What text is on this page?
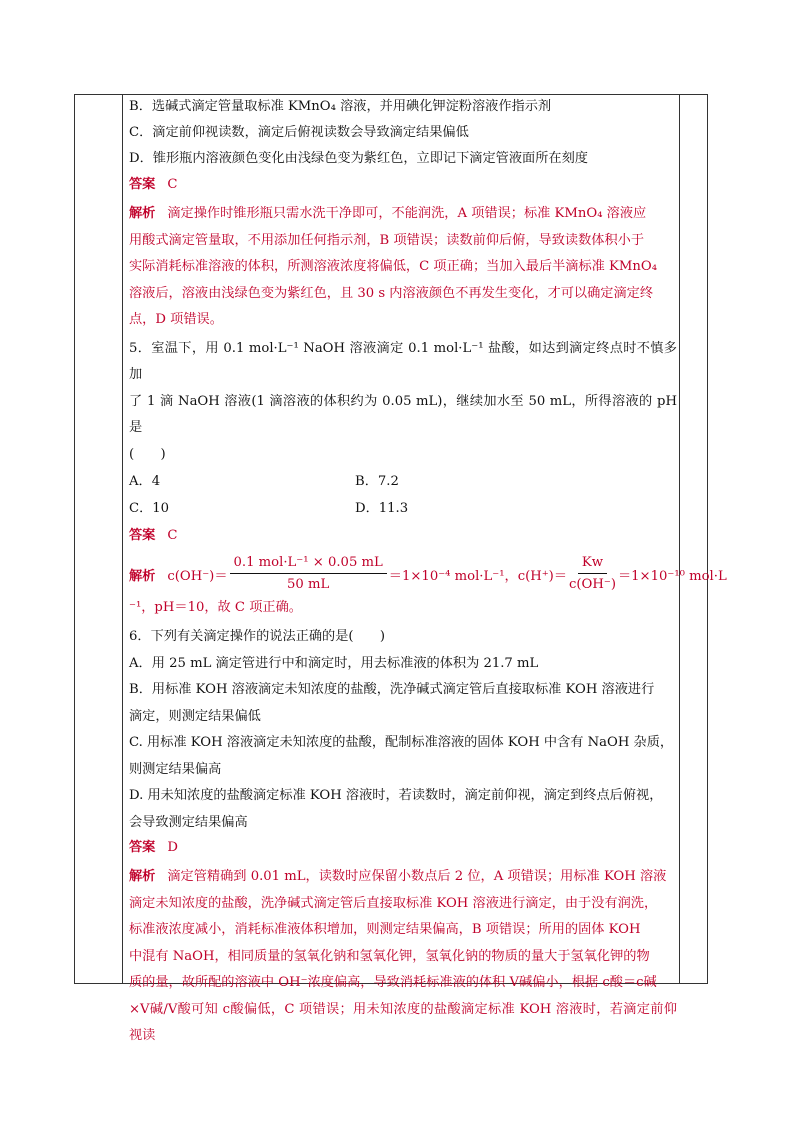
B．选碱式滴定管量取标准 KMnO₄ 溶液，并用碘化钾淀粉溶液作指示剂
C．滴定前仰视读数，滴定后俯视读数会导致滴定结果偏低
D．锥形瓶内溶液颜色变化由浅绿色变为紫红色，立即记下滴定管液面所在刻度
答案 C

解析 滴定操作时锥形瓶只需水洗干净即可，不能润洗，A 项错误；标准 KMnO₄ 溶液应

用酸式滴定管量取，不用添加任何指示剂，B 项错误；读数前仰后俯，导致读数体积小于

实际消耗标准溶液的体积，所测溶液浓度将偏低，C 项正确；当加入最后半滴标准 KMnO₄

溶液后，溶液由浅绿色变为紫红色，且 30 s 内溶液颜色不再发生变化，才可以确定滴定终

点，D 项错误。

5．室温下，用 0.1 mol·L⁻¹ NaOH 溶液滴定 0.1 mol·L⁻¹ 盐酸，如达到滴定终点时不慎多加

了 1 滴 NaOH 溶液(1 滴溶液的体积约为 0.05 mL)，继续加水至 50 mL，所得溶液的 pH 是

(　　)

A．4	B．7.2
C．10	D．11.3
答案 C
解析 $c(OH^-)= \frac{\text{0.1 mol·L⁻¹ × 0.05 mL}}{50 mL} =1\times 10^{-4}$ mol·L⁻¹，$c(H^+)= \frac{Kw}{c(OH^-)} =1\times 10^{-10}$ mol·L
⁻¹，pH＝10，故 C 项正确。

6．下列有关滴定操作的说法正确的是(　　)

A．用 25 mL 滴定管进行中和滴定时，用去标准液的体积为 21.7 mL

B．用标准 KOH 溶液滴定未知浓度的盐酸，洗净碱式滴定管后直接取标准 KOH 溶液进行

滴定，则测定结果偏低

C. 用标准 KOH 溶液滴定未知浓度的盐酸，配制标准溶液的固体 KOH 中含有 NaOH 杂质，

则测定结果偏高

D. 用未知浓度的盐酸滴定标准 KOH 溶液时，若读数时，滴定前仰视，滴定到终点后俯视，

会导致测定结果偏高

答案 D

解析 滴定管精确到 0.01 mL，读数时应保留小数点后 2 位，A 项错误；用标准 KOH 溶液

滴定未知浓度的盐酸，洗净碱式滴定管后直接取标准 KOH 溶液进行滴定，由于没有润洗，

标准液浓度减小，消耗标准液体积增加，则测定结果偏高，B 项错误；所用的固体 KOH

中混有 NaOH，相同质量的氢氧化钠和氢氧化钾，氢氧化钠的物质的量大于氢氧化钾的物

质的量，故所配的溶液中 OH⁻浓度偏高，导致消耗标准液的体积 V碱偏小，根据 c酸＝c碱

×V碱/V酸可知 c酸偏低，C 项错误；用未知浓度的盐酸滴定标准 KOH 溶液时，若滴定前仰视读
